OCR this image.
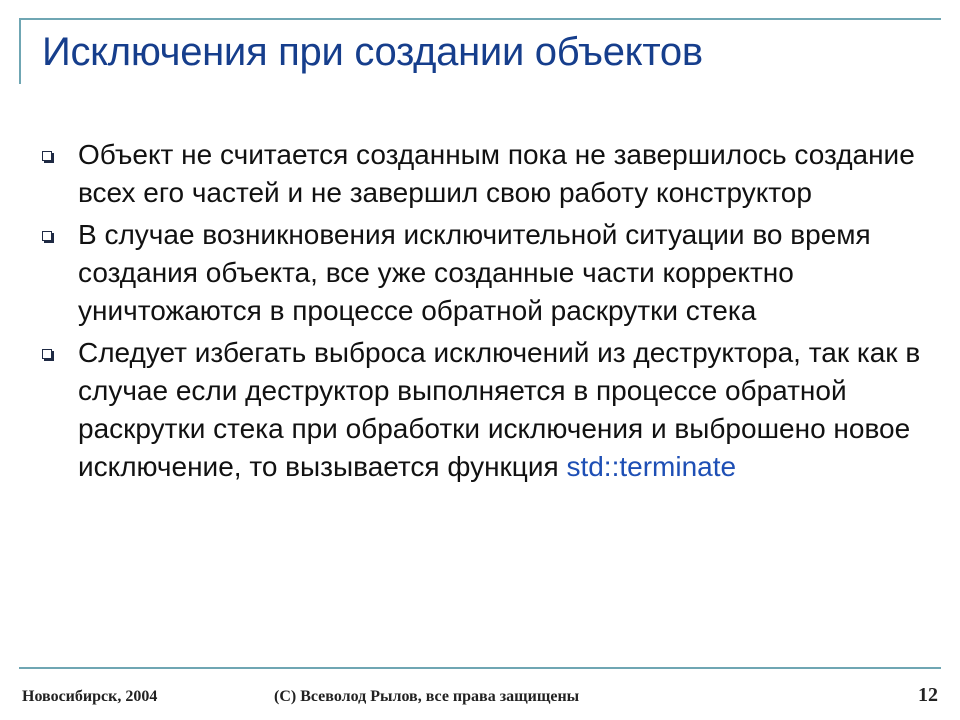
Исключения при создании объектов
Объект не считается созданным пока не завершилось создание всех его частей и не завершил свою работу конструктор
В случае возникновения исключительной ситуации во время создания объекта, все уже созданные части корректно уничтожаются в процессе обратной раскрутки стека
Следует избегать выброса исключений из деструктора, так как в случае если деструктор выполняется в процессе обратной раскрутки стека при обработки исключения и выброшено новое исключение, то вызывается функция std::terminate
Новосибирск, 2004	(С) Всеволод Рылов, все права защищены	12
